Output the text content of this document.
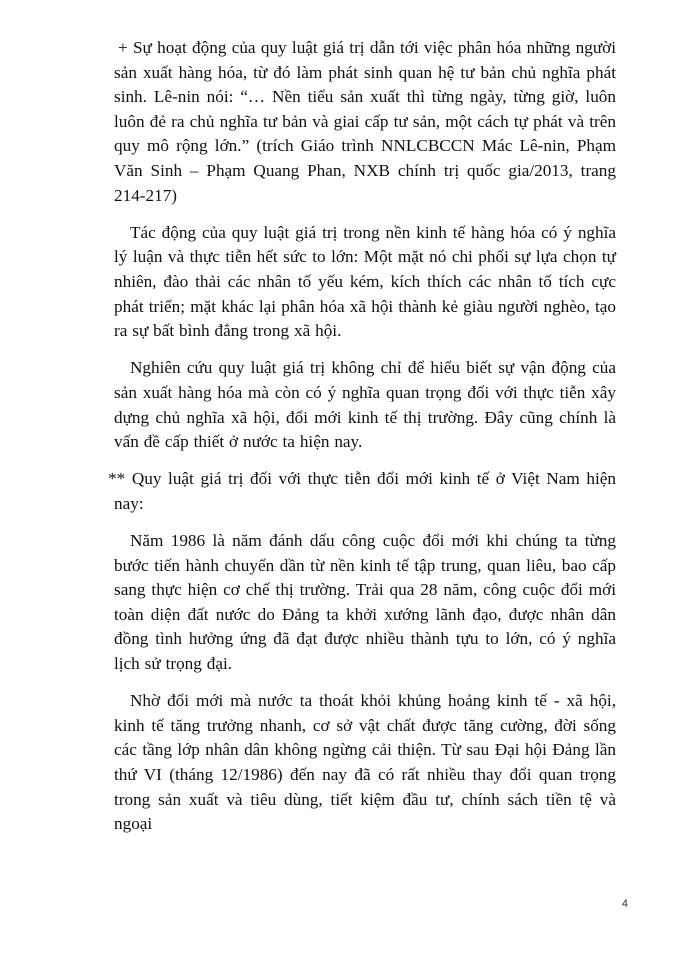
+ Sự hoạt động của quy luật giá trị dẫn tới việc phân hóa những người sản xuất hàng hóa, từ đó làm phát sinh quan hệ tư bản chủ nghĩa phát sinh. Lê-nin nói: “… Nền tiểu sản xuất thì từng ngày, từng giờ, luôn luôn đẻ ra chủ nghĩa tư bản và giai cấp tư sản, một cách tự phát và trên quy mô rộng lớn.” (trích Giáo trình NNLCBCCN Mác Lê-nin, Phạm Văn Sinh – Phạm Quang Phan, NXB chính trị quốc gia/2013, trang 214-217)

Tác động của quy luật giá trị trong nền kinh tế hàng hóa có ý nghĩa lý luận và thực tiễn hết sức to lớn: Một mặt nó chi phối sự lựa chọn tự nhiên, đào thải các nhân tố yếu kém, kích thích các nhân tố tích cực phát triển; mặt khác lại phân hóa xã hội thành kẻ giàu người nghèo, tạo ra sự bất bình đẳng trong xã hội.

Nghiên cứu quy luật giá trị không chỉ để hiểu biết sự vận động của sản xuất hàng hóa mà còn có ý nghĩa quan trọng đối với thực tiễn xây dựng chủ nghĩa xã hội, đổi mới kinh tế thị trường. Đây cũng chính là vấn đề cấp thiết ở nước ta hiện nay.

** Quy luật giá trị đối với thực tiễn đổi mới kinh tế ở Việt Nam hiện nay:

Năm 1986 là năm đánh dấu công cuộc đổi mới khi chúng ta từng bước tiến hành chuyển dần từ nền kinh tế tập trung, quan liêu, bao cấp sang thực hiện cơ chế thị trường. Trải qua 28 năm, công cuộc đổi mới toàn diện đất nước do Đảng ta khởi xướng lãnh đạo, được nhân dân đồng tình hưởng ứng đã đạt được nhiều thành tựu to lớn, có ý nghĩa lịch sử trọng đại.

Nhờ đổi mới mà nước ta thoát khỏi khủng hoảng kinh tế - xã hội, kinh tế tăng trưởng nhanh, cơ sở vật chất được tăng cường, đời sống các tầng lớp nhân dân không ngừng cải thiện. Từ sau Đại hội Đảng lần thứ VI (tháng 12/1986) đến nay đã có rất nhiều thay đổi quan trọng trong sản xuất và tiêu dùng, tiết kiệm đầu tư, chính sách tiền tệ và ngoại

4
